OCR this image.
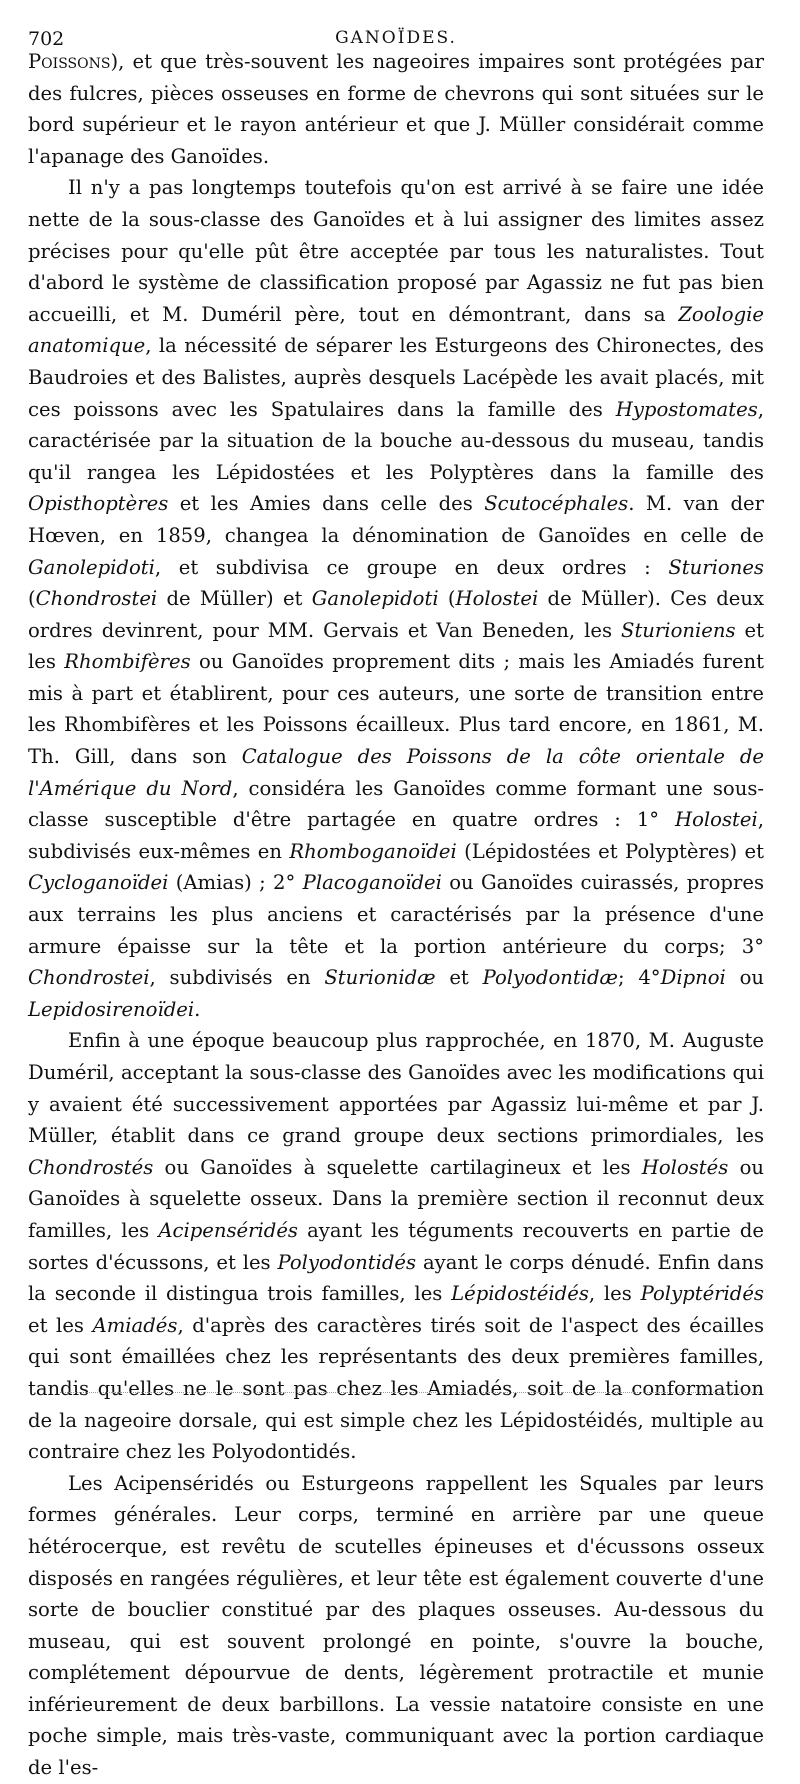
702	GANOÏDES.

Poissons), et que très-souvent les nageoires impaires sont protégées par des fulcres, pièces osseuses en forme de chevrons qui sont situées sur le bord supérieur et le rayon antérieur et que J. Müller considérait comme l'apanage des Ganoïdes.

Il n'y a pas longtemps toutefois qu'on est arrivé à se faire une idée nette de la sous-classe des Ganoïdes et à lui assigner des limites assez précises pour qu'elle pût être acceptée par tous les naturalistes. Tout d'abord le système de classification proposé par Agassiz ne fut pas bien accueilli, et M. Duméril père, tout en démontrant, dans sa Zoologie anatomique, la nécessité de séparer les Esturgeons des Chironectes, des Baudroies et des Balistes, auprès desquels Lacépède les avait placés, mit ces poissons avec les Spatulaires dans la famille des Hypostomates, caractérisée par la situation de la bouche au-dessous du museau, tandis qu'il rangea les Lépidostées et les Polyptères dans la famille des Opisthoptères et les Amies dans celle des Scutocéphales. M. van der Hœven, en 1859, changea la dénomination de Ganoïdes en celle de Ganolepidoti, et subdivisa ce groupe en deux ordres : Sturiones (Chondrostei de Müller) et Ganolepidoti (Holostei de Müller). Ces deux ordres devinrent, pour MM. Gervais et Van Beneden, les Sturioniens et les Rhombifères ou Ganoïdes proprement dits ; mais les Amiadés furent mis à part et établirent, pour ces auteurs, une sorte de transition entre les Rhombifères et les Poissons écailleux. Plus tard encore, en 1861, M. Th. Gill, dans son Catalogue des Poissons de la côte orientale de l'Amérique du Nord, considéra les Ganoïdes comme formant une sous-classe susceptible d'être partagée en quatre ordres : 1° Holostei, subdivisés eux-mêmes en Rhomboganoïdei (Lépidostées et Polyptères) et Cycloganoïdei (Amias) ; 2° Placoganoïdei ou Ganoïdes cuirassés, propres aux terrains les plus anciens et caractérisés par la présence d'une armure épaisse sur la tête et la portion antérieure du corps; 3° Chondrostei, subdivisés en Sturionidæ et Polyodontidæ; 4°Dipnoi ou Lepidosirenoïdei.

Enfin à une époque beaucoup plus rapprochée, en 1870, M. Auguste Duméril, acceptant la sous-classe des Ganoïdes avec les modifications qui y avaient été successivement apportées par Agassiz lui-même et par J. Müller, établit dans ce grand groupe deux sections primordiales, les Chondrostés ou Ganoïdes à squelette cartilagineux et les Holostés ou Ganoïdes à squelette osseux. Dans la première section il reconnut deux familles, les Acipenséridés ayant les téguments recouverts en partie de sortes d'écussons, et les Polyodontidés ayant le corps dénudé. Enfin dans la seconde il distingua trois familles, les Lépidostéidés, les Polyptéridés et les Amiadés, d'après des caractères tirés soit de l'aspect des écailles qui sont émaillées chez les représentants des deux premières familles, tandis qu'elles ne le sont pas chez les Amiadés, soit de la conformation de la nageoire dorsale, qui est simple chez les Lépidostéidés, multiple au contraire chez les Polyodontidés.

Les Acipenséridés ou Esturgeons rappellent les Squales par leurs formes générales. Leur corps, terminé en arrière par une queue hétérocerque, est revêtu de scutelles épineuses et d'écussons osseux disposés en rangées régulières, et leur tête est également couverte d'une sorte de bouclier constitué par des plaques osseuses. Au-dessous du museau, qui est souvent prolongé en pointe, s'ouvre la bouche, complétement dépourvue de dents, légèrement protractile et munie inférieurement de deux barbillons. La vessie natatoire consiste en une poche simple, mais très-vaste, communiquant avec la portion cardiaque de l'es-
